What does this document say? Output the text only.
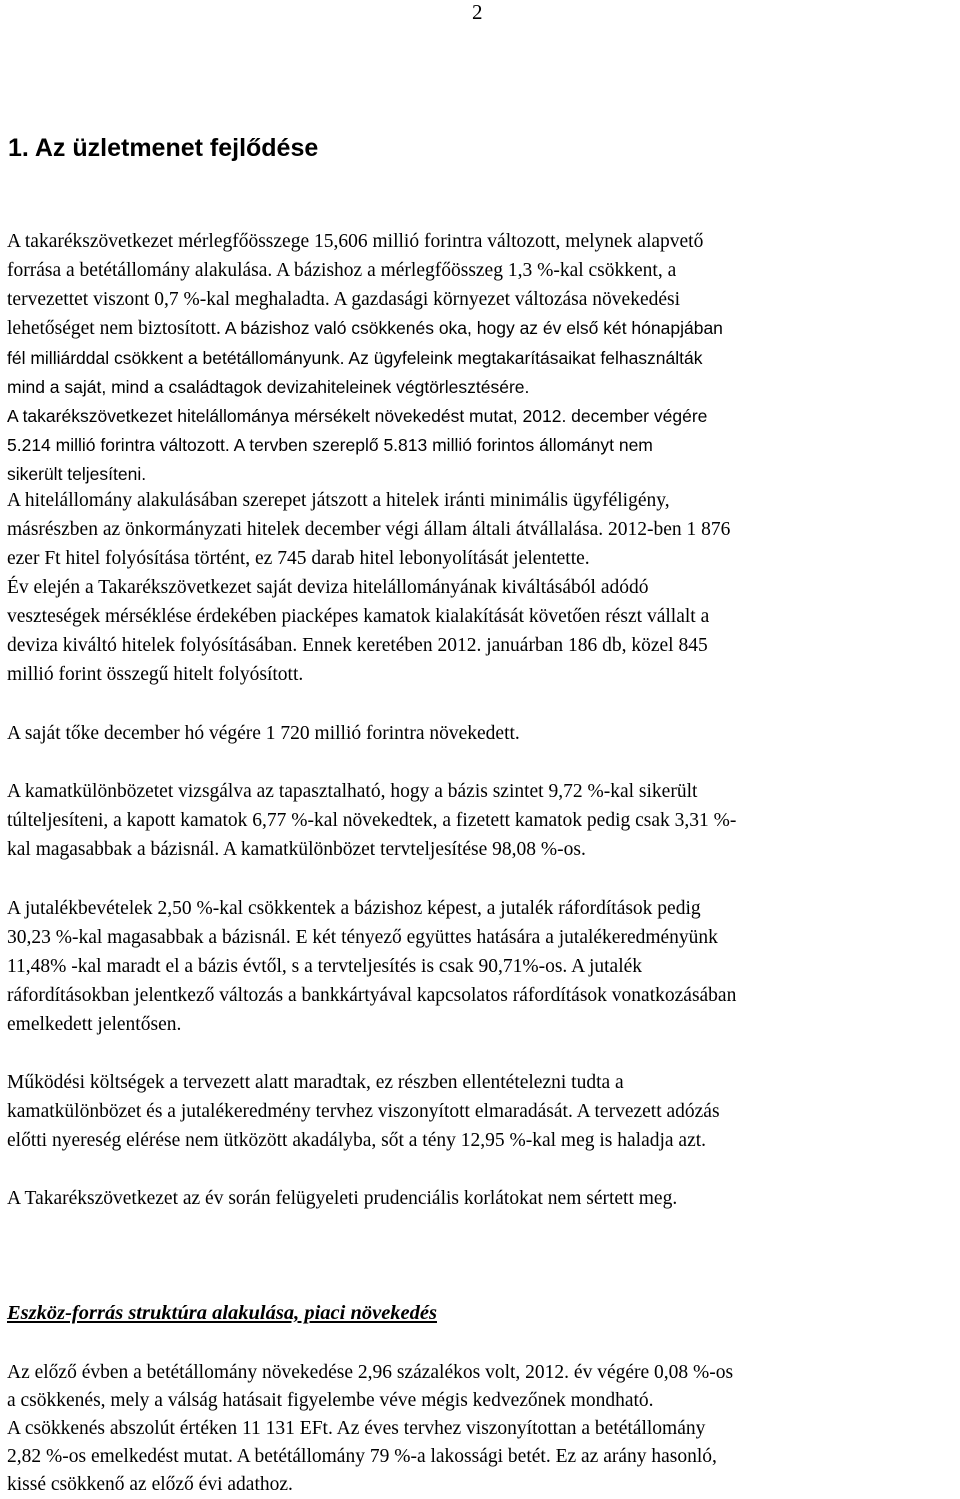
2
1. Az üzletmenet fejlődése
A takarékszövetkezet mérlegfőösszege 15,606 millió forintra változott, melynek alapvető
forrása a betétállomány alakulása. A bázishoz a mérlegfőösszeg 1,3 %-kal csökkent, a
tervezettet viszont 0,7 %-kal meghaladta. A gazdasági környezet változása növekedési
lehetőséget nem biztosított. A bázishoz való csökkenés oka, hogy az év első két hónapjában
fél milliárddal csökkent a betétállományunk. Az ügyfeleink megtakarításaikat felhasználták
mind a saját, mind a családtagok devizahiteleinek végtörlesztésére.
A takarékszövetkezet hitelállománya mérsékelt növekedést mutat, 2012. december végére
5.214 millió forintra változott. A tervben szereplő 5.813 millió forintos állományt nem
sikerült teljesíteni.
A hitelállomány alakulásában szerepet játszott a hitelek iránti minimális ügyféligény,
másrészben az önkormányzati hitelek december végi állam általi átvállalása. 2012-ben 1 876
ezer Ft hitel folyósítása történt, ez 745 darab hitel lebonyolítását jelentette.
Év elején a Takarékszövetkezet saját deviza hitelállományának kiváltásából adódó
veszteségek mérséklése érdekében piacképes kamatok kialakítását követően részt vállalt a
deviza kiváltó hitelek folyósításában. Ennek keretében 2012. januárban 186 db, közel 845
millió forint összegű hitelt folyósított.
A saját tőke december hó végére 1 720 millió forintra növekedett.
A kamatkülönbözetet vizsgálva az tapasztalható, hogy a bázis szintet 9,72 %-kal sikerült
túlteljesíteni, a kapott kamatok 6,77 %-kal növekedtek, a fizetett kamatok pedig csak 3,31 %-
kal magasabbak a bázisnál. A kamatkülönbözet tervteljesítése 98,08 %-os.
A jutalékbevételek 2,50 %-kal csökkentek a bázishoz képest, a jutalék ráfordítások pedig
30,23 %-kal magasabbak a bázisnál. E két tényező együttes hatására a jutalékeredményünk
11,48% -kal maradt el a bázis évtől, s a tervteljesítés is csak 90,71%-os. A jutalék
ráfordításokban jelentkező változás a bankkártyával kapcsolatos ráfordítások vonatkozásában
emelkedett jelentősen.
Működési költségek a tervezett alatt maradtak, ez részben ellentételezni tudta a
kamatkülönbözet és a jutalékeredmény tervhez viszonyított elmaradását. A tervezett adózás
előtti nyereség elérése nem ütközött akadályba, sőt a tény 12,95 %-kal meg is haladja azt.
A Takarékszövetkezet az év során felügyeleti prudenciális korlátokat nem sértett meg.
Eszköz-forrás struktúra alakulása, piaci növekedés
Az előző évben a betétállomány növekedése 2,96 százalékos volt, 2012. év végére 0,08 %-os
a csökkenés, mely a válság hatásait figyelembe véve mégis kedvezőnek mondható.
A csökkenés abszolút értéken 11 131 EFt. Az éves tervhez viszonyítottan a betétállomány
2,82 %-os emelkedést mutat. A betétállomány 79 %-a lakossági betét. Ez az arány hasonló,
kissé csökkenő az előző évi adathoz.
